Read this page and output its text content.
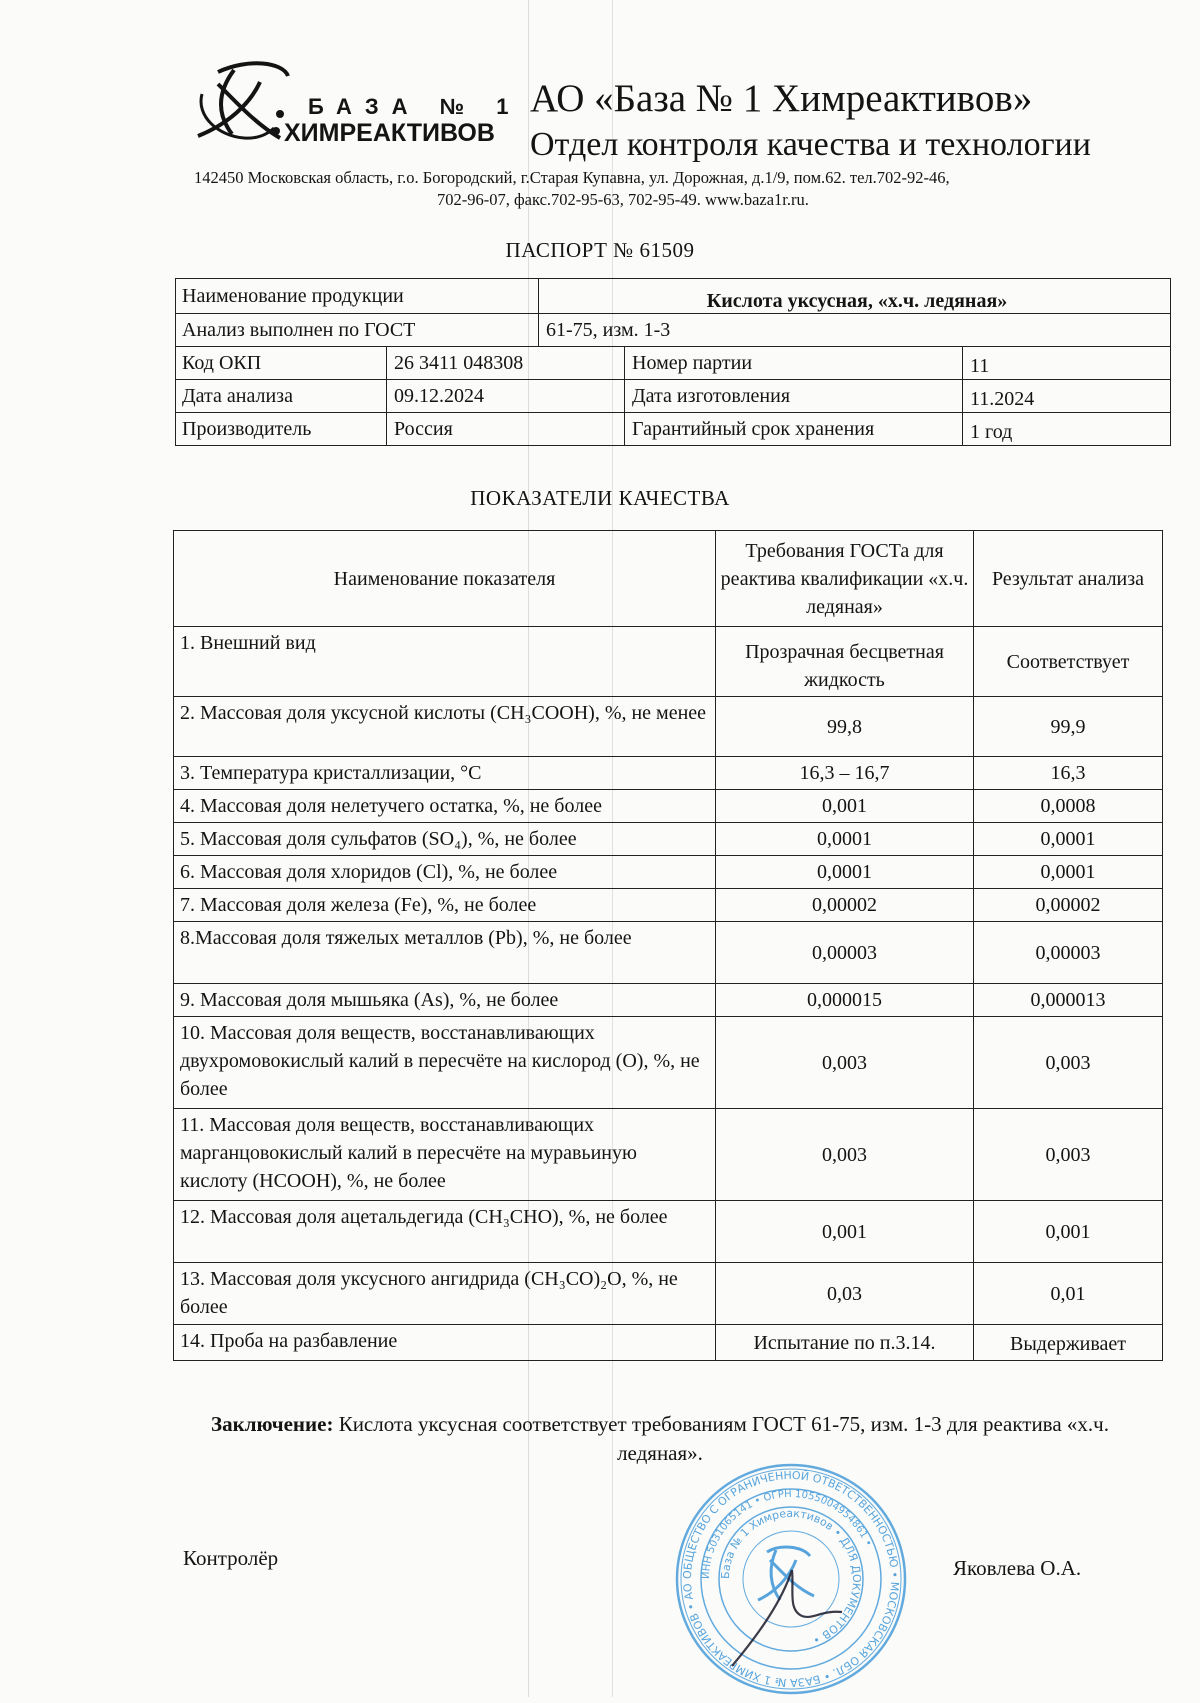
БАЗА № 1
ХИМРЕАКТИВОВ
АО «База № 1 Химреактивов»
Отдел контроля качества и технологии
142450 Московская область, г.о. Богородский, г.Старая Купавна, ул. Дорожная, д.1/9, пом.62. тел.702-92-46,
702-96-07, факс.702-95-63, 702-95-49. www.baza1r.ru.
ПАСПОРТ № 61509
Наименование продукции	Кислота уксусная, «х.ч. ледяная»
Анализ выполнен по ГОСТ	61-75, изм. 1-3
Код ОКП	26 3411 048308	Номер партии	11
Дата анализа	09.12.2024	Дата изготовления	11.2024
Производитель	Россия	Гарантийный срок хранения	1 год
ПОКАЗАТЕЛИ КАЧЕСТВА
Наименование показателя	Требования ГОСТа для реактива квалификации «х.ч. ледяная»	Результат анализа
1. Внешний вид	Прозрачная бесцветная жидкость	Соответствует
2. Массовая доля уксусной кислоты (CH₃COOH), %, не менее	99,8	99,9
3. Температура кристаллизации, °C	16,3 – 16,7	16,3
4. Массовая доля нелетучего остатка, %, не более	0,001	0,0008
5. Массовая доля сульфатов (SO₄), %, не более	0,0001	0,0001
6. Массовая доля хлоридов (Cl), %, не более	0,0001	0,0001
7. Массовая доля железа (Fe), %, не более	0,00002	0,00002
8.Массовая доля тяжелых металлов (Pb), %, не более	0,00003	0,00003
9. Массовая доля мышьяка (As), %, не более	0,000015	0,000013
10. Массовая доля веществ, восстанавливающих двухромовокислый калий в пересчёте на кислород (O), %, не более	0,003	0,003
11. Массовая доля веществ, восстанавливающих марганцовокислый калий в пересчёте на муравьиную кислоту (HCOOH), %, не более	0,003	0,003
12. Массовая доля ацетальдегида (CH₃CHO), %, не более	0,001	0,001
13. Массовая доля уксусного ангидрида (CH₃CO)₂O, %, не более	0,03	0,01
14. Проба на разбавление	Испытание по п.3.14.	Выдерживает
Заключение: Кислота уксусная соответствует требованиям ГОСТ 61-75, изм. 1-3 для реактива «х.ч. ледяная».
Контролёр	Яковлева О.А.
ОБЩЕСТВО С ОГРАНИЧЕННОЙ ОТВЕТСТВЕННОСТЬЮ • МОСКОВСКАЯ ОБЛ. • БАЗА № 1 ХИМРЕАКТИВОВ • АО
ИНН 5031065141 • ОГРН 1055004954861 •
База № 1 Химреактивов • ДЛЯ ДОКУМЕНТОВ •
